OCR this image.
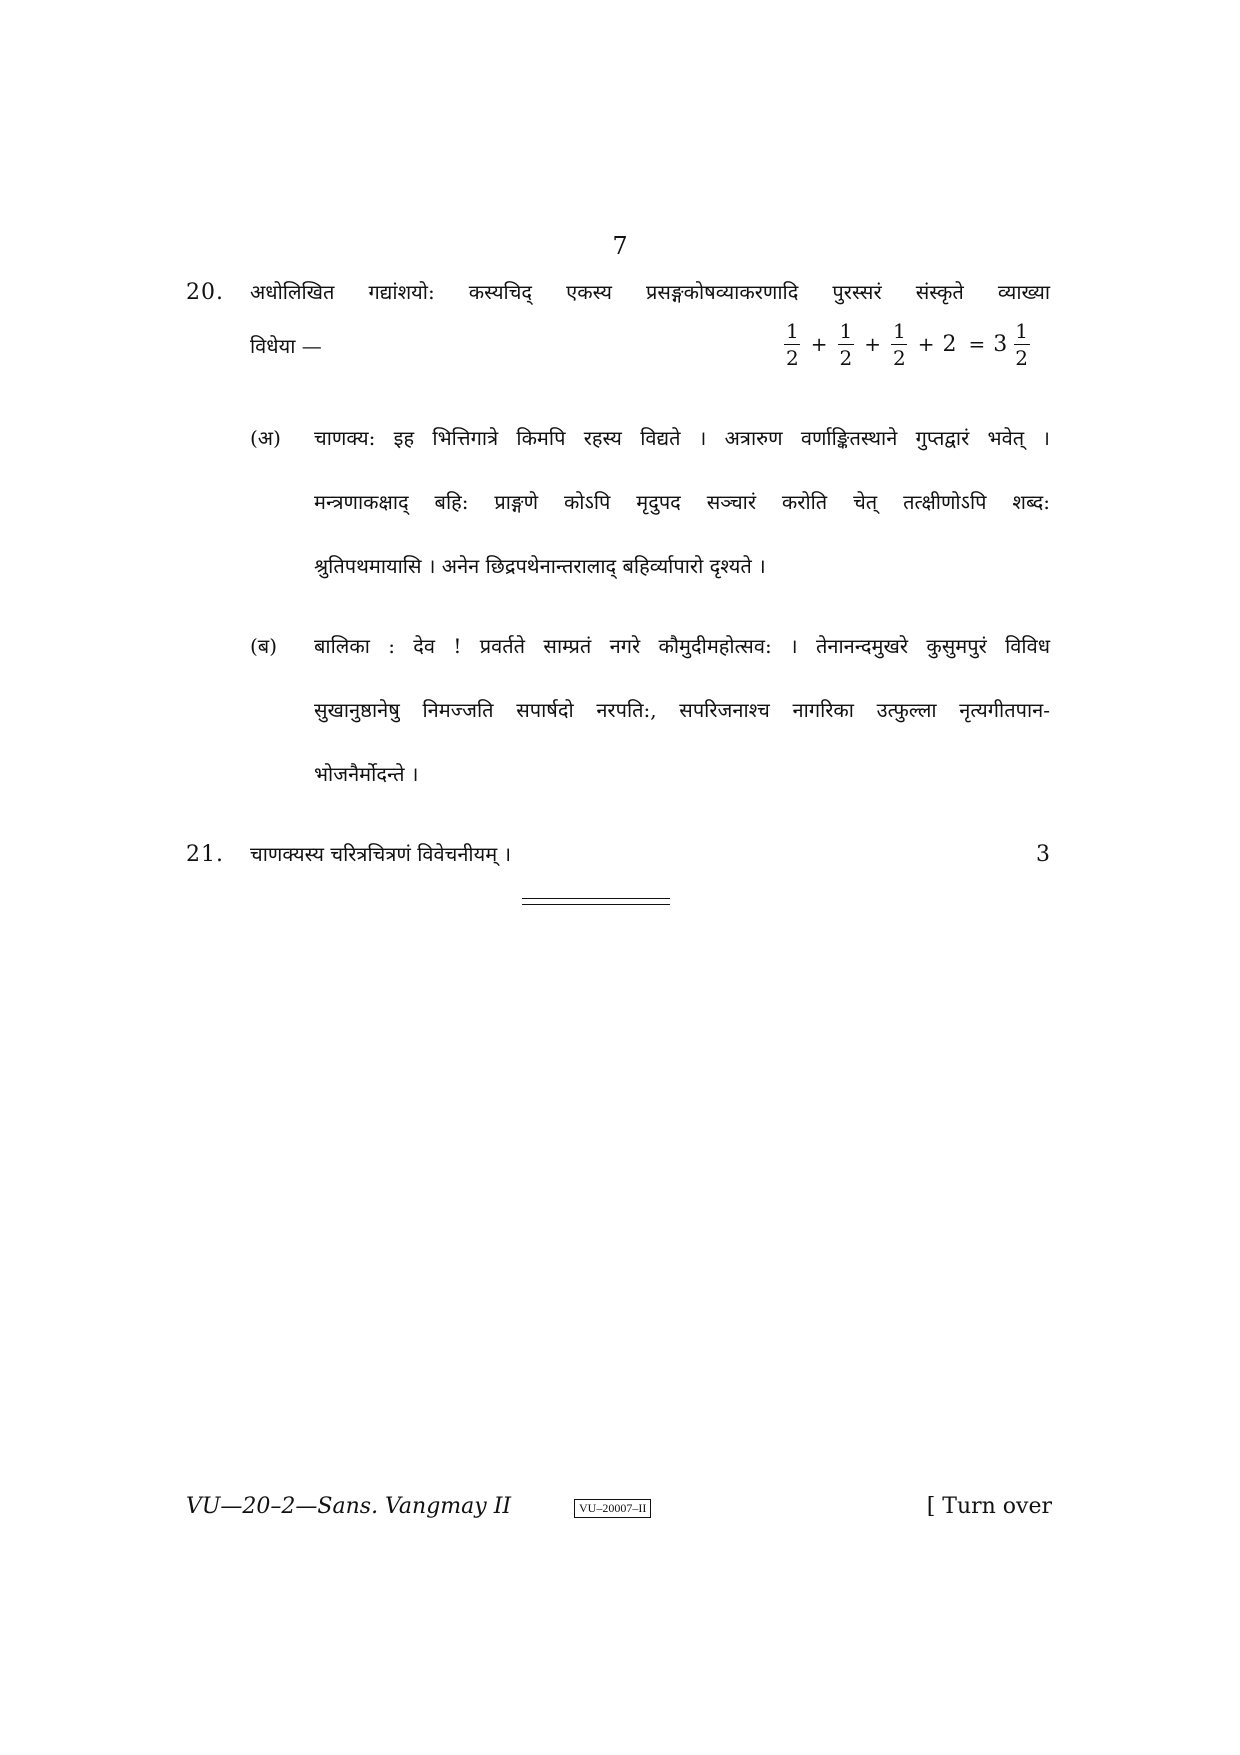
7
20. अधोलिखित गद्यांशयो: कस्यचिद् एकस्य प्रसङ्गकोषव्याकरणादि पुरस्सरं संस्कृते व्याख्या
विधेया —	$\frac{1}{2} + \frac{1}{2} + \frac{1}{2} + 2 = 3 \frac{1}{2}$
(अ) चाणक्य: इह भित्तिगात्रे किमपि रहस्य विद्यते । अत्रारुण वर्णाङ्कितस्थाने गुप्तद्वारं भवेत् ।
मन्त्रणाकक्षाद् बहि: प्राङ्गणे कोऽपि मृदुपद सञ्चारं करोति चेत् तत्क्षीणोऽपि शब्द:
श्रुतिपथमायासि । अनेन छिद्रपथेनान्तरालाद् बहिर्व्यापारो दृश्यते ।
(ब) बालिका : देव ! प्रवर्तते साम्प्रतं नगरे कौमुदीमहोत्सव: । तेनानन्दमुखरे कुसुमपुरं विविध
सुखानुष्ठानेषु निमज्जति सपार्षदो नरपति:, सपरिजनाश्च नागरिका उत्फुल्ला नृत्यगीतपान-
भोजनैर्मोदन्ते ।
21. चाणक्यस्य चरित्रचित्रणं विवेचनीयम् ।	3
VU—20–2—Sans. Vangmay II	VU–20007–II	[ Turn over
